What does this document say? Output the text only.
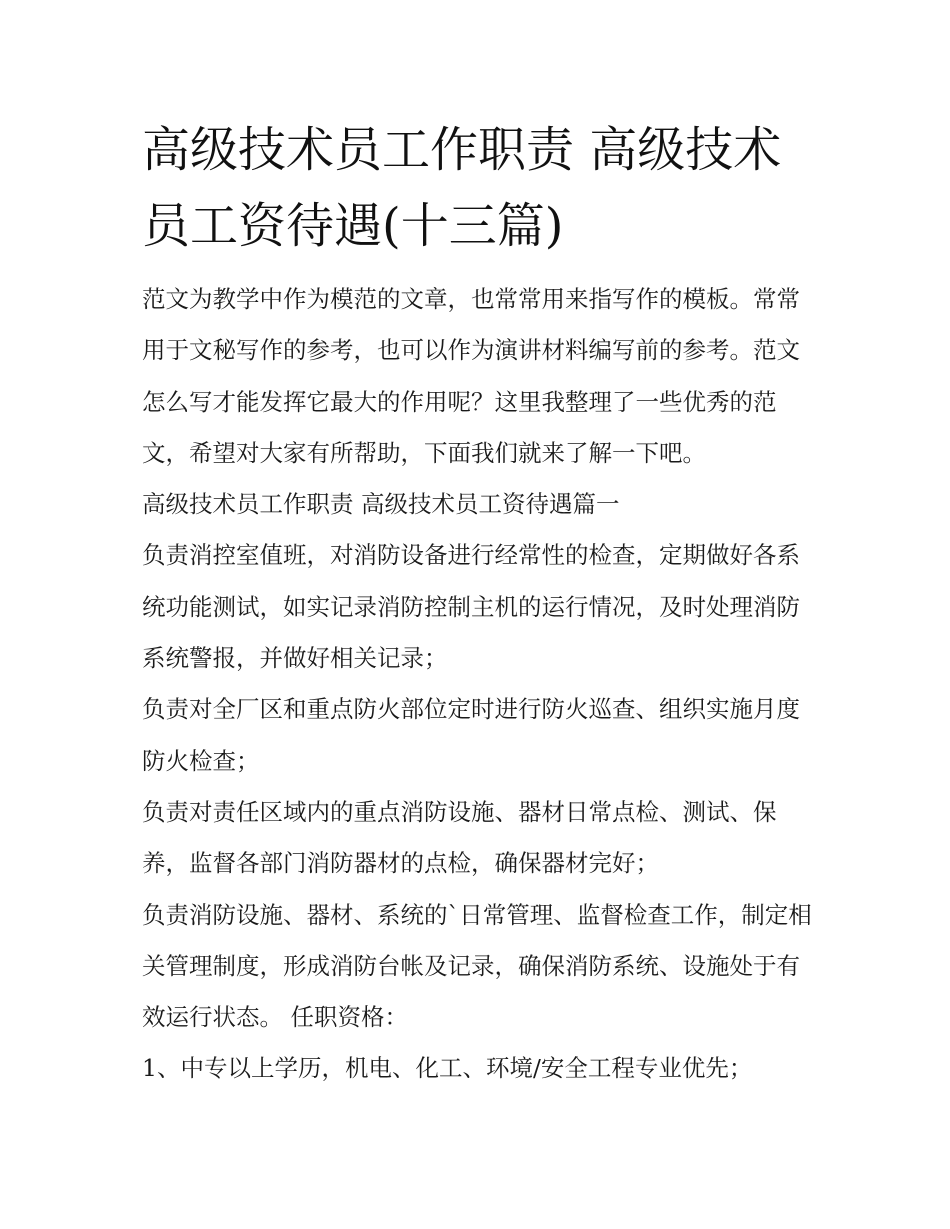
高级技术员工作职责 高级技术员工资待遇(十三篇)

范文为教学中作为模范的文章，也常常用来指写作的模板。常常用于文秘写作的参考，也可以作为演讲材料编写前的参考。范文怎么写才能发挥它最大的作用呢？这里我整理了一些优秀的范文，希望对大家有所帮助，下面我们就来了解一下吧。

高级技术员工作职责 高级技术员工资待遇篇一

负责消控室值班，对消防设备进行经常性的检查，定期做好各系统功能测试，如实记录消防控制主机的运行情况，及时处理消防系统警报，并做好相关记录；

负责对全厂区和重点防火部位定时进行防火巡查、组织实施月度防火检查；

负责对责任区域内的重点消防设施、器材日常点检、测试、保养，监督各部门消防器材的点检，确保器材完好；

负责消防设施、器材、系统的`日常管理、监督检查工作，制定相关管理制度，形成消防台帐及记录，确保消防系统、设施处于有效运行状态。 任职资格：

1、中专以上学历，机电、化工、环境/安全工程专业优先；
